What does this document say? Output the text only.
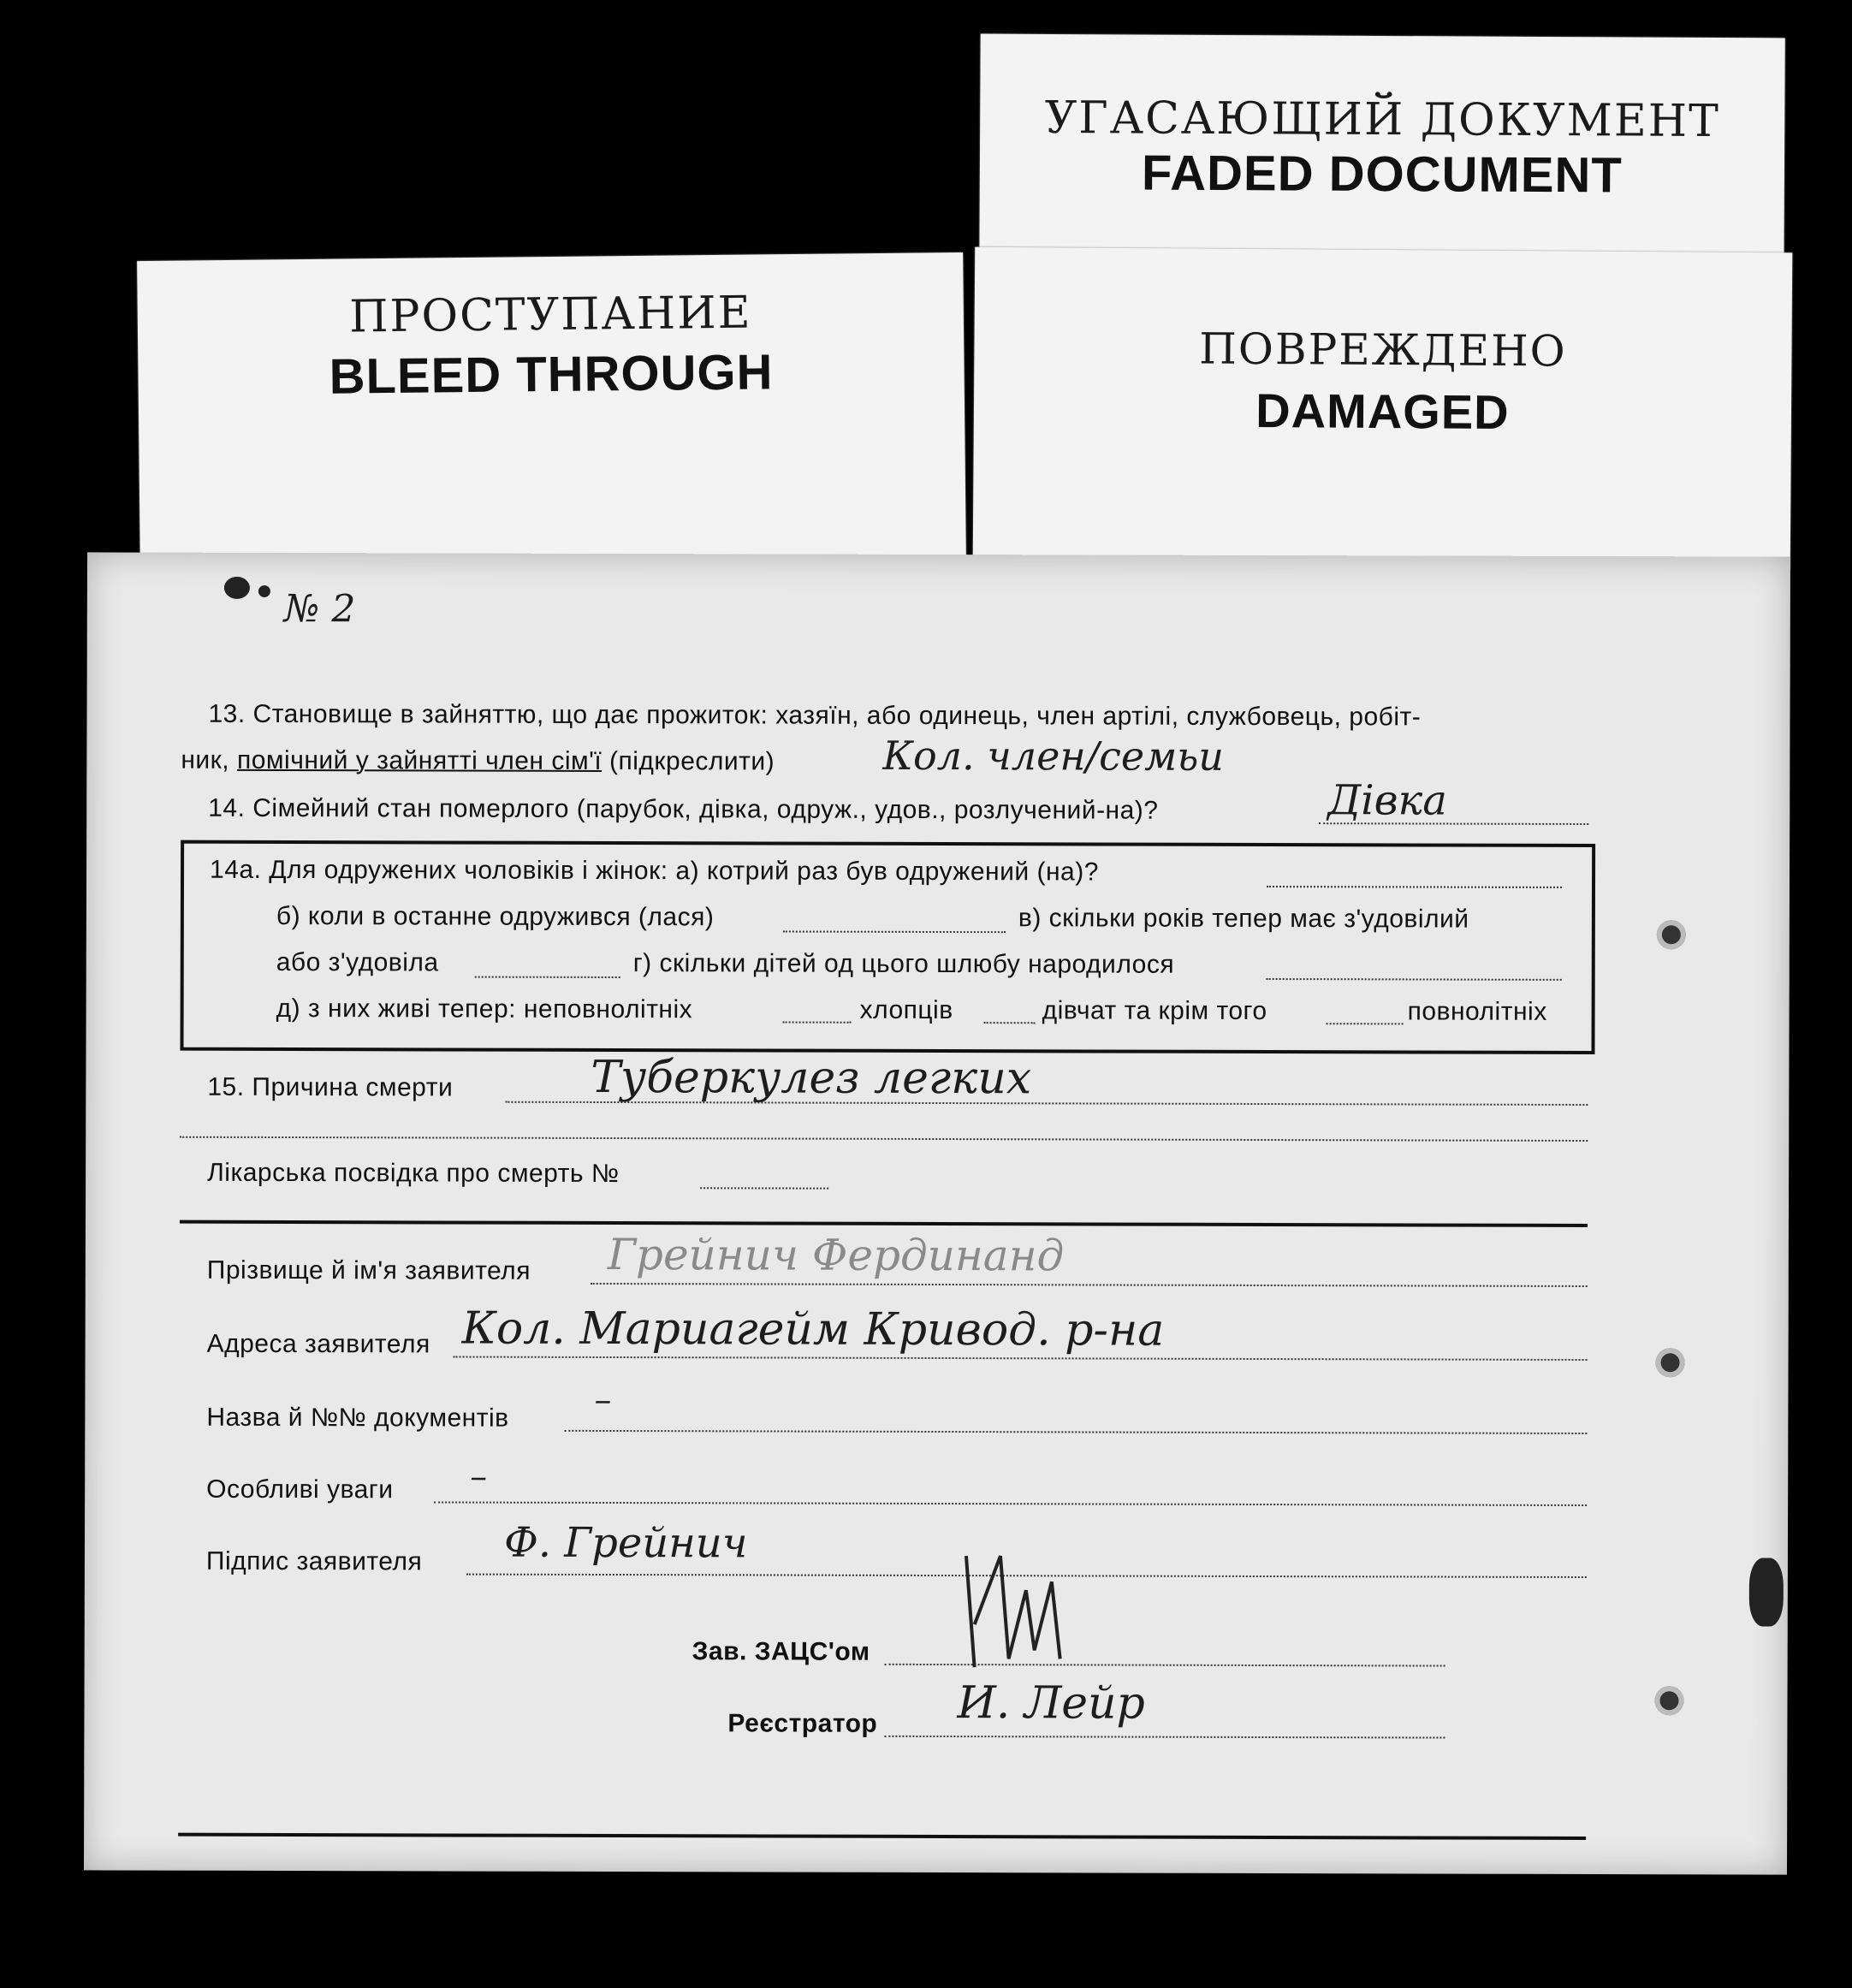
УГАСАЮЩИЙ ДОКУМЕНТ
FADED DOCUMENT
ПРОСТУПАНИЕ
BLEED THROUGH	ПОВРЕЖДЕНО
DAMAGED
№ 2
13. Становище в зайняттю, що дає прожиток: хазяїн, або одинець, член артілі, службовець, робіт-
ник, помічний у зайнятті член сім'ї (підкреслити)	Кол. член/семьи
14. Сімейний стан померлого (парубок, дівка, одруж., удов., розлучений-на)?	Дівка
14а. Для одружених чоловіків і жінок: а) котрий раз був одружений (на)?
б) коли в останне одружився (лася)	в) скільки років тепер має з'удовілий
або з'удовіла	г) скільки дітей од цього шлюбу народилося
д) з них живі тепер: неповнолітніх	хлопців	дівчат та крім того	повнолітніх
15. Причина смерти	Туберкулез легких
Лікарська посвідка про смерть №
Прізвище й ім'я заявителя Грейнич Фердинанд
Адреса заявителя Кол. Мариагейм Кривод. р-на
Назва й №№ документів –
Особливі уваги –
Підпис заявителя Ф. Грейнич
Зав. ЗАЦС'ом
Реєстратор И. Лейр
